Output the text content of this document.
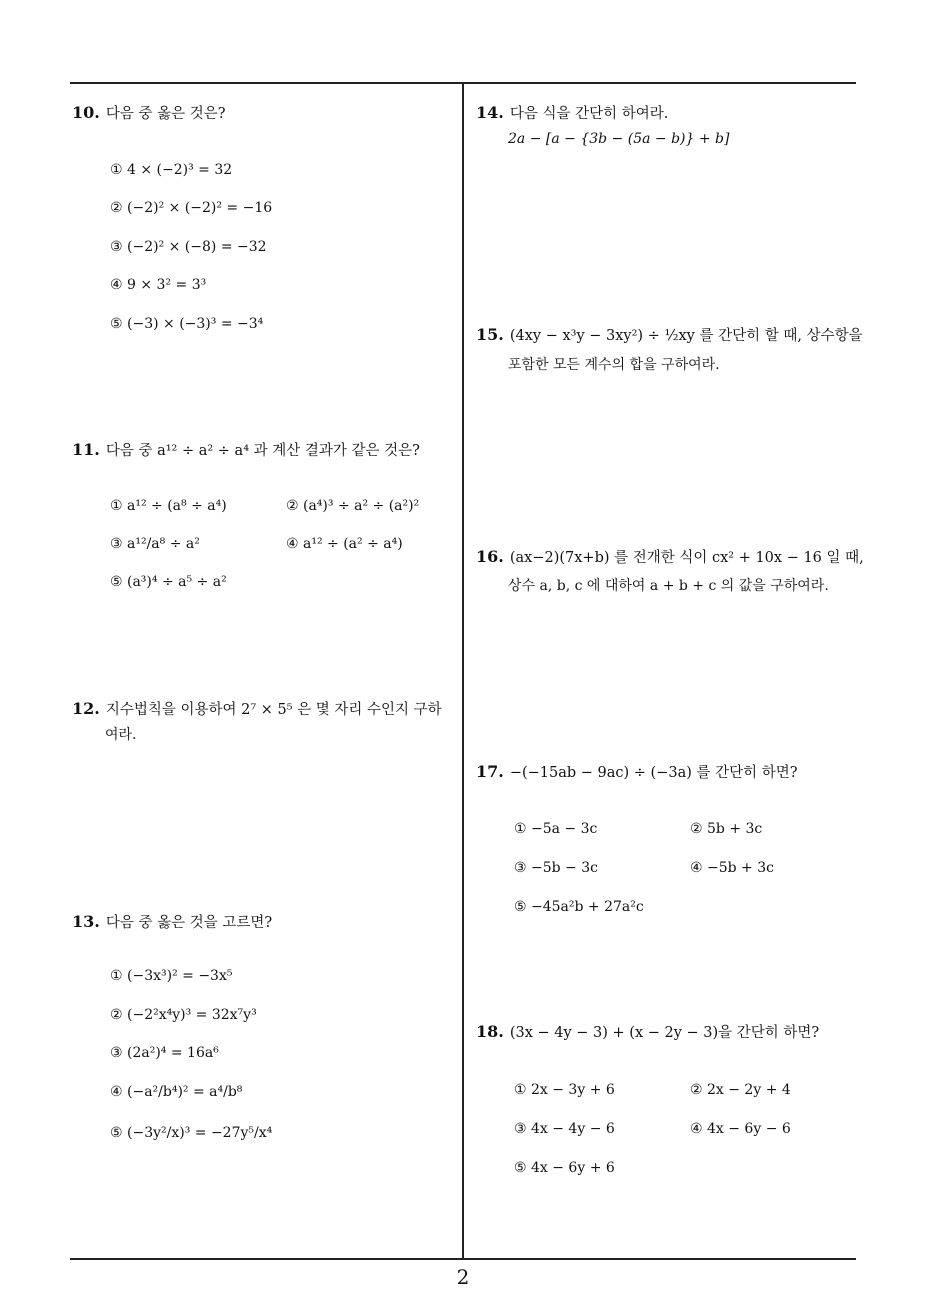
10. 다음 중 옳은 것은?
① 4 × (−2)³ = 32
② (−2)² × (−2)² = −16
③ (−2)² × (−8) = −32
④ 9 × 3² = 3³
⑤ (−3) × (−3)³ = −3⁴
11. 다음 중 a¹² ÷ a² ÷ a⁴ 과 계산 결과가 같은 것은?
① a¹² ÷ (a⁸ ÷ a⁴)	② (a⁴)³ ÷ a² ÷ (a²)²
③ a¹²/a⁸ ÷ a²	④ a¹² ÷ (a² ÷ a⁴)
⑤ (a³)⁴ ÷ a⁵ ÷ a²
12. 지수법칙을 이용하여 2⁷ × 5⁵ 은 몇 자리 수인지 구하
여라.
13. 다음 중 옳은 것을 고르면?
① (−3x³)² = −3x⁵
② (−2²x⁴y)³ = 32x⁷y³
③ (2a²)⁴ = 16a⁶
④ (−a²/b⁴)² = a⁴/b⁸
⑤ (−3y²/x)³ = −27y⁵/x⁴
14. 다음 식을 간단히 하여라.
2a − [a − {3b − (5a − b)} + b]
15. (4xy − x³y − 3xy²) ÷ ½xy 를 간단히 할 때, 상수항을
포함한 모든 계수의 합을 구하여라.
16. (ax−2)(7x+b) 를 전개한 식이 cx² + 10x − 16 일 때,
상수 a, b, c 에 대하여 a + b + c 의 값을 구하여라.
17. −(−15ab − 9ac) ÷ (−3a) 를 간단히 하면?
① −5a − 3c	② 5b + 3c
③ −5b − 3c	④ −5b + 3c
⑤ −45a²b + 27a²c
18. (3x − 4y − 3) + (x − 2y − 3)을 간단히 하면?
① 2x − 3y + 6	② 2x − 2y + 4
③ 4x − 4y − 6	④ 4x − 6y − 6
⑤ 4x − 6y + 6
2
